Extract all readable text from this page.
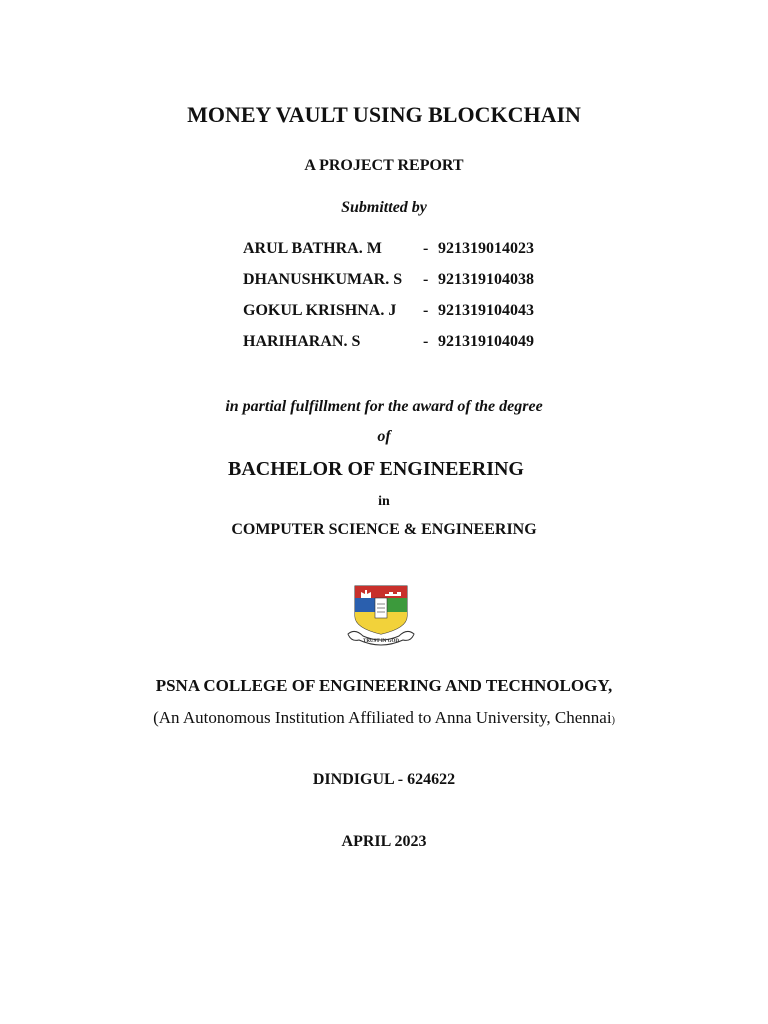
MONEY VAULT USING BLOCKCHAIN
A PROJECT REPORT
Submitted by
ARUL BATHRA. M	- 921319014023
DHANUSHKUMAR. S	- 921319104038
GOKUL KRISHNA. J	- 921319104043
HARIHARAN. S	- 921319104049
in partial fulfillment for the award of the degree
of
BACHELOR OF ENGINEERING
in
COMPUTER SCIENCE & ENGINEERING
TRUST IN GOD
PSNA COLLEGE OF ENGINEERING AND TECHNOLOGY,
(An Autonomous Institution Affiliated to Anna University, Chennai)
DINDIGUL - 624622
APRIL 2023
